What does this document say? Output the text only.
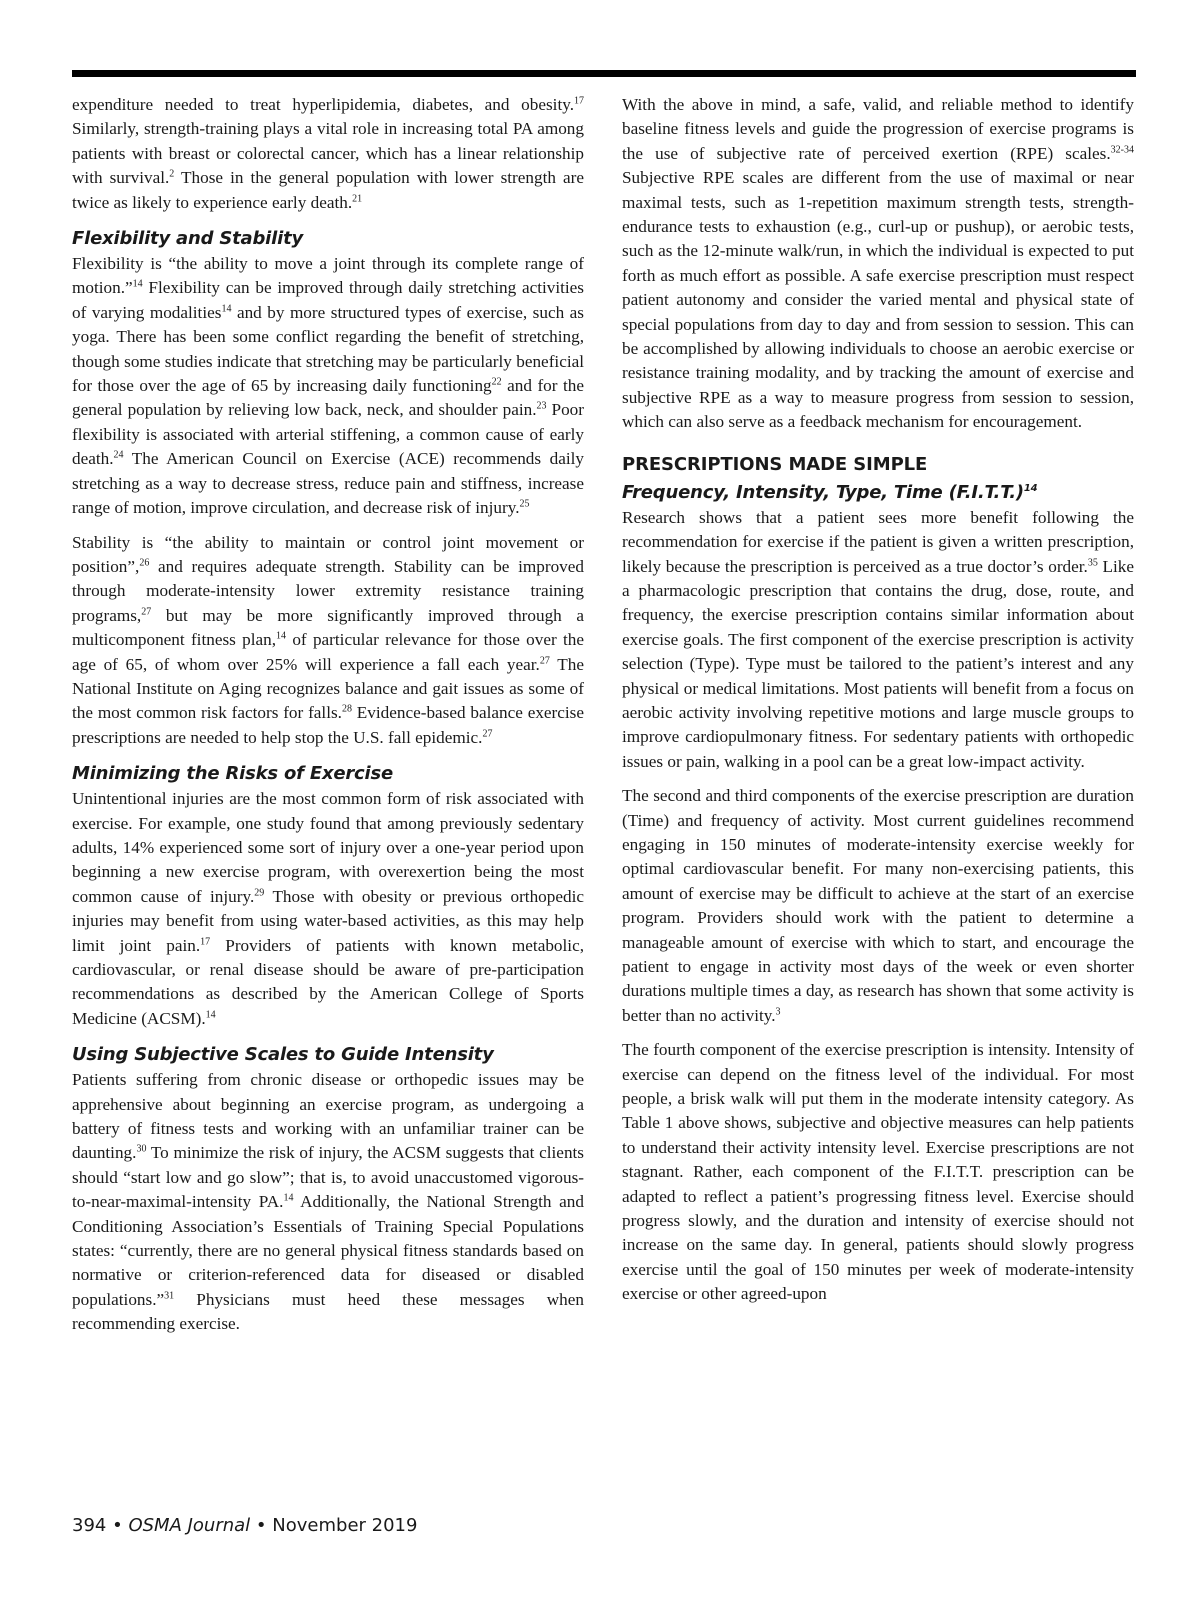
expenditure needed to treat hyperlipidemia, diabetes, and obesity.$^{17}$ Similarly, strength-training plays a vital role in increasing total PA among patients with breast or colorectal cancer, which has a linear relationship with survival.$^2$ Those in the general population with lower strength are twice as likely to experience early death.$^{21}$

Flexibility and Stability

Flexibility is “the ability to move a joint through its complete range of motion.”$^{14}$ Flexibility can be improved through daily stretching activities of varying modalities$^{14}$ and by more structured types of exercise, such as yoga. There has been some conflict regarding the benefit of stretching, though some studies indicate that stretching may be particularly beneficial for those over the age of 65 by increasing daily functioning$^{22}$ and for the general population by relieving low back, neck, and shoulder pain.$^{23}$ Poor flexibility is associated with arterial stiffening, a common cause of early death.$^{24}$ The American Council on Exercise (ACE) recommends daily stretching as a way to decrease stress, reduce pain and stiffness, increase range of motion, improve circulation, and decrease risk of injury.$^{25}$

Stability is “the ability to maintain or control joint movement or position”,$^{26}$ and requires adequate strength. Stability can be improved through moderate-intensity lower extremity resistance training programs,$^{27}$ but may be more significantly improved through a multicomponent fitness plan,$^{14}$ of particular relevance for those over the age of 65, of whom over 25% will experience a fall each year.$^{27}$ The National Institute on Aging recognizes balance and gait issues as some of the most common risk factors for falls.$^{28}$ Evidence-based balance exercise prescriptions are needed to help stop the U.S. fall epidemic.$^{27}$

Minimizing the Risks of Exercise

Unintentional injuries are the most common form of risk associated with exercise. For example, one study found that among previously sedentary adults, 14% experienced some sort of injury over a one-year period upon beginning a new exercise program, with overexertion being the most common cause of injury.$^{29}$ Those with obesity or previous orthopedic injuries may benefit from using water-based activities, as this may help limit joint pain.$^{17}$ Providers of patients with known metabolic, cardiovascular, or renal disease should be aware of pre-participation recommendations as described by the American College of Sports Medicine (ACSM).$^{14}$

Using Subjective Scales to Guide Intensity

Patients suffering from chronic disease or orthopedic issues may be apprehensive about beginning an exercise program, as undergoing a battery of fitness tests and working with an unfamiliar trainer can be daunting.$^{30}$ To minimize the risk of injury, the ACSM suggests that clients should “start low and go slow”; that is, to avoid unaccustomed vigorous-to-near-maximal-intensity PA.$^{14}$ Additionally, the National Strength and Conditioning Association’s Essentials of Training Special Populations states: “currently, there are no general physical fitness standards based on normative or criterion-referenced data for diseased or disabled populations.”$^{31}$ Physicians must heed these messages when recommending exercise.

With the above in mind, a safe, valid, and reliable method to identify baseline fitness levels and guide the progression of exercise programs is the use of subjective rate of perceived exertion (RPE) scales.$^{32-34}$ Subjective RPE scales are different from the use of maximal or near maximal tests, such as 1-repetition maximum strength tests, strength-endurance tests to exhaustion (e.g., curl-up or pushup), or aerobic tests, such as the 12-minute walk/run, in which the individual is expected to put forth as much effort as possible. A safe exercise prescription must respect patient autonomy and consider the varied mental and physical state of special populations from day to day and from session to session. This can be accomplished by allowing individuals to choose an aerobic exercise or resistance training modality, and by tracking the amount of exercise and subjective RPE as a way to measure progress from session to session, which can also serve as a feedback mechanism for encouragement.

PRESCRIPTIONS MADE SIMPLE
Frequency, Intensity, Type, Time $(F.I.T.T.)^{14}$

Research shows that a patient sees more benefit following the recommendation for exercise if the patient is given a written prescription, likely because the prescription is perceived as a true doctor’s order.$^{35}$ Like a pharmacologic prescription that contains the drug, dose, route, and frequency, the exercise prescription contains similar information about exercise goals. The first component of the exercise prescription is activity selection (Type). Type must be tailored to the patient’s interest and any physical or medical limitations. Most patients will benefit from a focus on aerobic activity involving repetitive motions and large muscle groups to improve cardiopulmonary fitness. For sedentary patients with orthopedic issues or pain, walking in a pool can be a great low-impact activity.

The second and third components of the exercise prescription are duration (Time) and frequency of activity. Most current guidelines recommend engaging in 150 minutes of moderate-intensity exercise weekly for optimal cardiovascular benefit. For many non-exercising patients, this amount of exercise may be difficult to achieve at the start of an exercise program. Providers should work with the patient to determine a manageable amount of exercise with which to start, and encourage the patient to engage in activity most days of the week or even shorter durations multiple times a day, as research has shown that some activity is better than no activity.$^3$

The fourth component of the exercise prescription is intensity. Intensity of exercise can depend on the fitness level of the individual. For most people, a brisk walk will put them in the moderate intensity category. As Table 1 above shows, subjective and objective measures can help patients to understand their activity intensity level. Exercise prescriptions are not stagnant. Rather, each component of the F.I.T.T. prescription can be adapted to reflect a patient’s progressing fitness level. Exercise should progress slowly, and the duration and intensity of exercise should not increase on the same day. In general, patients should slowly progress exercise until the goal of 150 minutes per week of moderate-intensity exercise or other agreed-upon

394 • OSMA Journal • November 2019
